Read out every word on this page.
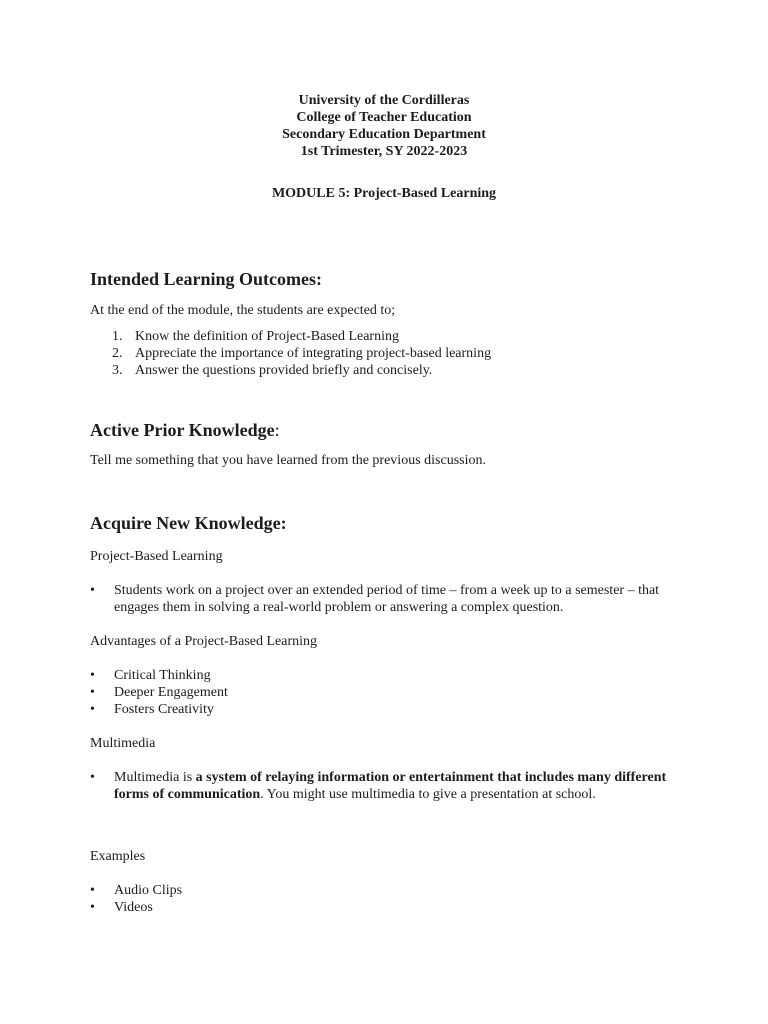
University of the Cordilleras
College of Teacher Education
Secondary Education Department
1st Trimester, SY 2022-2023
MODULE 5: Project-Based Learning
Intended Learning Outcomes:
At the end of the module, the students are expected to;
1. Know the definition of Project-Based Learning
2. Appreciate the importance of integrating project-based learning
3. Answer the questions provided briefly and concisely.
Active Prior Knowledge:
Tell me something that you have learned from the previous discussion.
Acquire New Knowledge:
Project-Based Learning
• Students work on a project over an extended period of time – from a week up to a semester – that engages them in solving a real-world problem or answering a complex question.
Advantages of a Project-Based Learning
• Critical Thinking
• Deeper Engagement
• Fosters Creativity
Multimedia
• Multimedia is a system of relaying information or entertainment that includes many different forms of communication. You might use multimedia to give a presentation at school.
Examples
• Audio Clips
• Videos
